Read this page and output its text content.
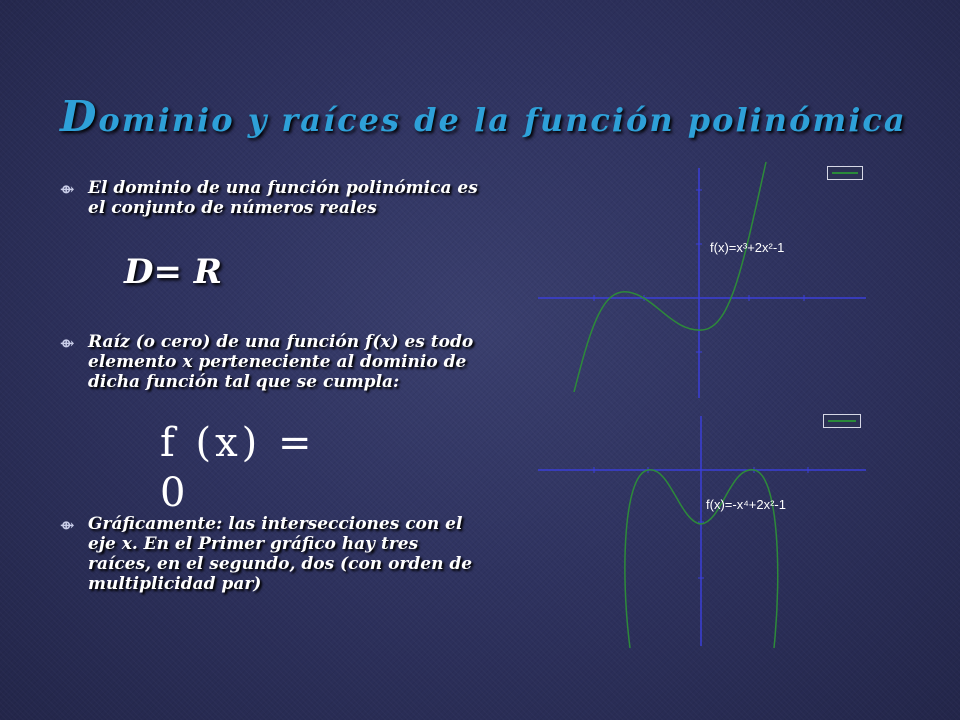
Dominio y raíces de la función polinómica
⟴ El dominio de una función polinómica es el conjunto de números reales
D= R
⟴ Raíz (o cero) de una función f(x) es todo elemento x perteneciente al dominio de dicha función tal que se cumpla:
f (x) = 0
⟴ Gráficamente: las intersecciones con el eje x. En el Primer gráfico hay tres raíces, en el segundo, dos (con orden de multiplicidad par)
f(x)=x³+2x²-1
f(x)=-x⁴+2x²-1
